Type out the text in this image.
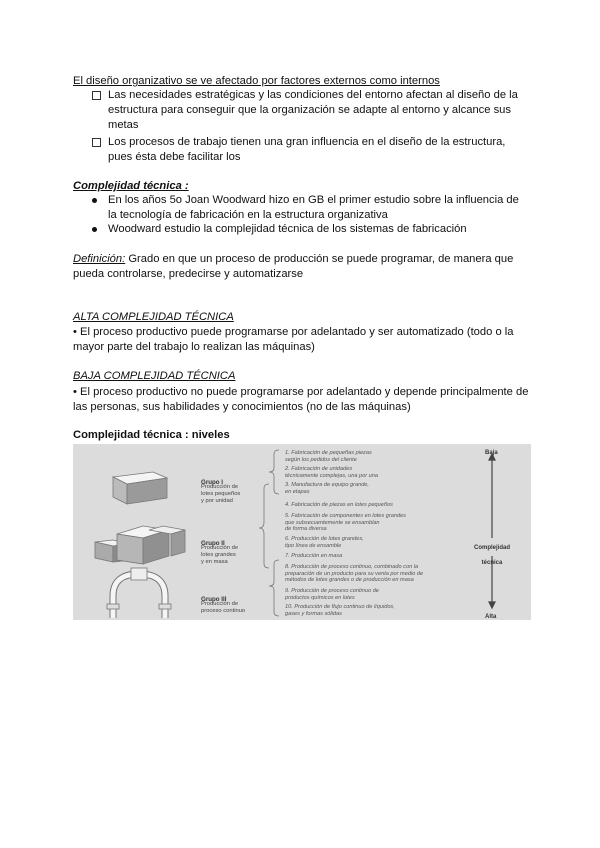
El diseño organizativo se ve afectado por factores externos como internos
Las necesidades estratégicas y las condiciones del entorno afectan al diseño de la
estructura para conseguir que la organización se adapte al entorno y alcance sus
metas
Los procesos de trabajo tienen una gran influencia en el diseño de la estructura,
pues ésta debe facilitar los
Complejidad técnica :
En los años 5o Joan Woodward hizo en GB el primer estudio sobre la influencia de
la tecnología de fabricación en la estructura organizativa
Woodward estudio la complejidad técnica de los sistemas de fabricación
Definición: Grado en que un proceso de producción se puede programar, de manera que
pueda controlarse, predecirse y automatizarse
ALTA COMPLEJIDAD TÉCNICA
• El proceso productivo puede programarse por adelantado y ser automatizado (todo o la
mayor parte del trabajo lo realizan las máquinas)
BAJA COMPLEJIDAD TÉCNICA
• El proceso productivo no puede programarse por adelantado y depende principalmente de
las personas, sus habilidades y conocimientos (no de las máquinas)
Complejidad técnica : niveles
Grupo I
Producción de
lotes pequeños
y por unidad
Grupo II
Producción de
lotes grandes
y en masa
Grupo III
Producción de
proceso continuo
1. Fabricación de pequeñas piezas
según los pedidos del cliente
2. Fabricación de unidades
técnicamente complejas, una por una
3. Manufactura de equipo grande,
en etapas
4. Fabricación de piezas en lotes pequeños
5. Fabricación de componentes en lotes grandes
que subsecuentemente se ensamblan
de forma diversa
6. Producción de lotes grandes,
tipo línea de ensamble
7. Producción en masa
8. Producción de proceso continuo, combinado con la
preparación de un producto para su venta por medio de
métodos de lotes grandes o de producción en masa
9. Producción de proceso continuo de
productos químicos en lotes
10. Producción de flujo continuo de líquidos,
gases y formas sólidas
Baja
Complejidad
técnica
Alta
